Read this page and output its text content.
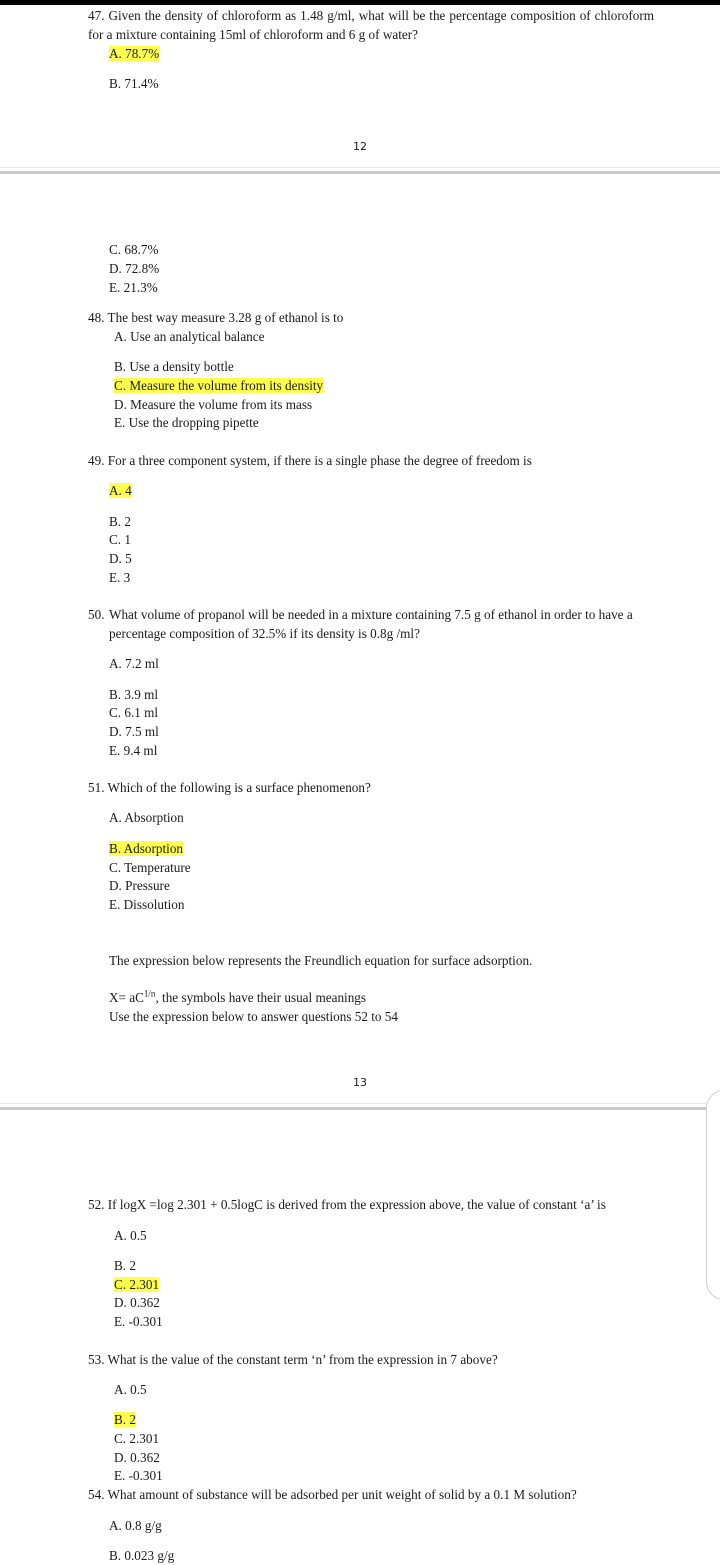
47. Given the density of chloroform as 1.48 g/ml, what will be the percentage composition of chloroform for a mixture containing 15ml of chloroform and 6 g of water?
A. 78.7%
B. 71.4%
12
C. 68.7%
D. 72.8%
E. 21.3%
48. The best way measure 3.28 g of ethanol is to
A. Use an analytical balance
B. Use a density bottle
C. Measure the volume from its density
D. Measure the volume from its mass
E. Use the dropping pipette
49. For a three component system, if there is a single phase the degree of freedom is
A. 4
B. 2
C. 1
D. 5
E. 3
50. What volume of propanol will be needed in a mixture containing 7.5 g of ethanol in order to have a percentage composition of 32.5% if its density is 0.8g /ml?
A. 7.2 ml
B. 3.9 ml
C. 6.1 ml
D. 7.5 ml
E. 9.4 ml
51. Which of the following is a surface phenomenon?
A. Absorption
B. Adsorption
C. Temperature
D. Pressure
E. Dissolution
The expression below represents the Freundlich equation for surface adsorption.
$X= aC^{1/n}$, the symbols have their usual meanings
Use the expression below to answer questions 52 to 54
13
52. If logX =log 2.301 + 0.5logC is derived from the expression above, the value of constant ‘a’ is
A. 0.5
B. 2
C. 2.301
D. 0.362
E. -0.301
53. What is the value of the constant term ‘n’ from the expression in 7 above?
A. 0.5
B. 2
C. 2.301
D. 0.362
E. -0.301
54. What amount of substance will be adsorbed per unit weight of solid by a 0.1 M solution?
A. 0.8 g/g
B. 0.023 g/g
